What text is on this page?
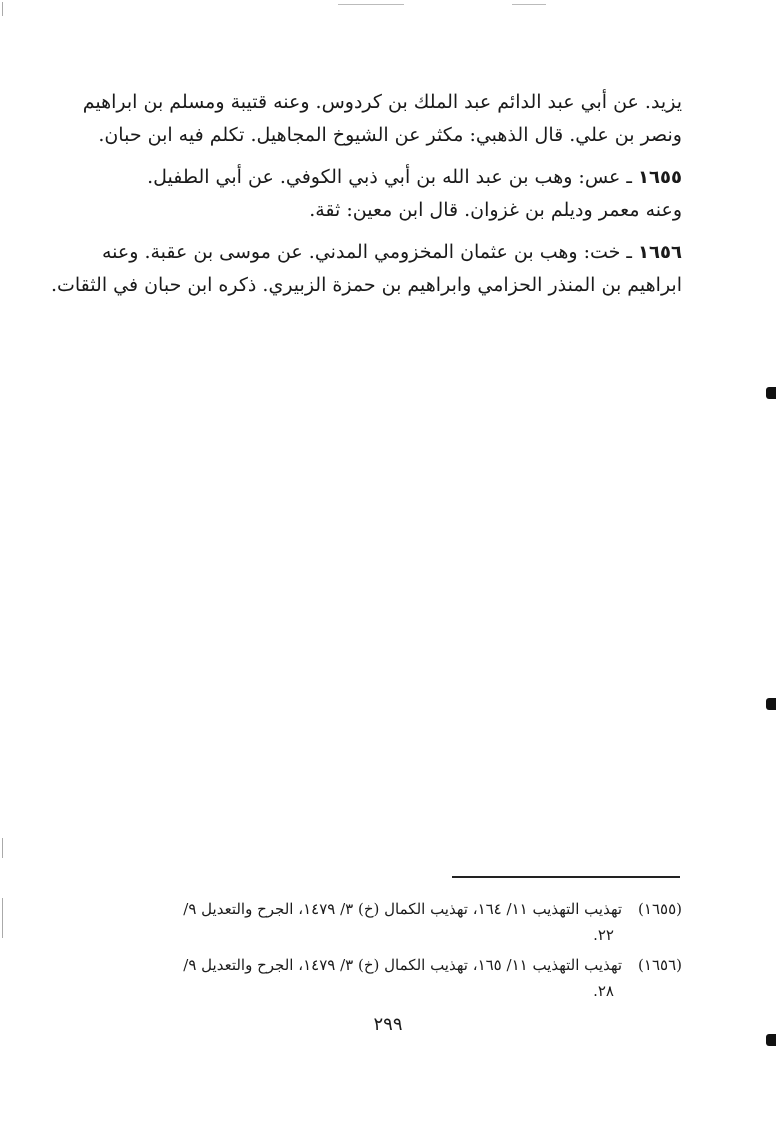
يزيد. عن أبي عبد الدائم عبد الملك بن كردوس. وعنه قتيبة ومسلم بن ابراهيم
ونصر بن علي. قال الذهبي: مكثر عن الشيوخ المجاهيل. تكلم فيه ابن حبان.
١٦٥٥ ـ عس: وهب بن عبد الله بن أبي ذبي الكوفي. عن أبي الطفيل.
وعنه معمر وديلم بن غزوان. قال ابن معين: ثقة.
١٦٥٦ ـ خت: وهب بن عثمان المخزومي المدني. عن موسى بن عقبة. وعنه
ابراهيم بن المنذر الحزامي وابراهيم بن حمزة الزبيري. ذكره ابن حبان في الثقات.
(١٦٥٥)تهذيب التهذيب ١١/ ١٦٤، تهذيب الكمال (خ) ٣/ ١٤٧٩، الجرح والتعديل ٩/
٢٢.
(١٦٥٦)تهذيب التهذيب ١١/ ١٦٥، تهذيب الكمال (خ) ٣/ ١٤٧٩، الجرح والتعديل ٩/
٢٨.
٢٩٩
